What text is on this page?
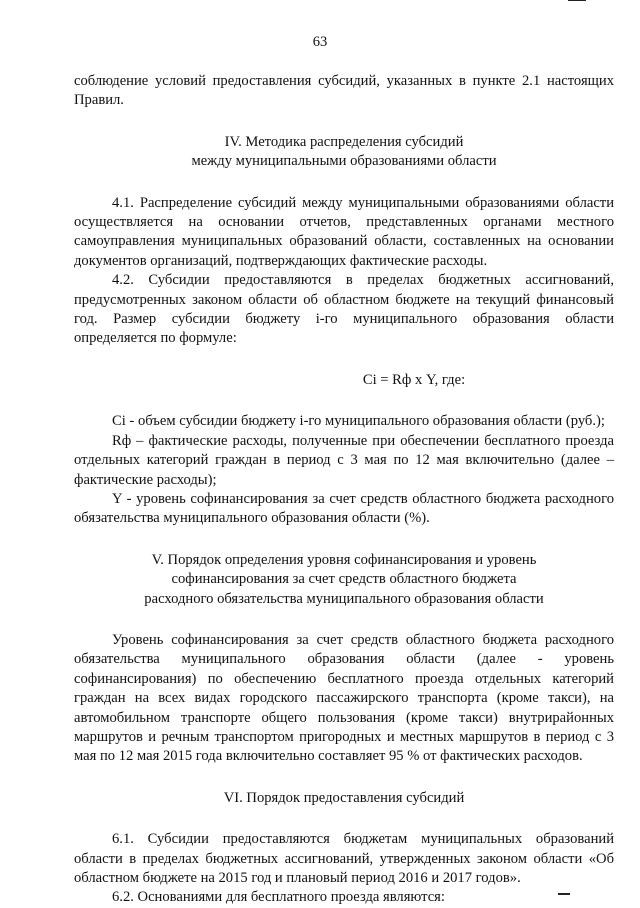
63

соблюдение условий предоставления субсидий, указанных в пункте 2.1 настоящих Правил.

IV. Методика распределения субсидий

между муниципальными образованиями области

4.1. Распределение субсидий между муниципальными образованиями области осуществляется на основании отчетов, представленных органами местного самоуправления муниципальных образований области, составленных на основании документов организаций, подтверждающих фактические расходы.

4.2. Субсидии предоставляются в пределах бюджетных ассигнований, предусмотренных законом области об областном бюджете на текущий финансовый год. Размер субсидии бюджету i-го муниципального образования области определяется по формуле:

Ci = Rф х Y, где:

Ci - объем субсидии бюджету i-го муниципального образования области (руб.);

Rф – фактические расходы, полученные при обеспечении бесплатного проезда отдельных категорий граждан в период с 3 мая по 12 мая включительно (далее – фактические расходы);

Y - уровень софинансирования за счет средств областного бюджета расходного обязательства муниципального образования области (%).

V. Порядок определения уровня софинансирования и уровень

софинансирования за счет средств областного бюджета

расходного обязательства муниципального образования области

Уровень софинансирования за счет средств областного бюджета расходного обязательства муниципального образования области (далее - уровень софинансирования) по обеспечению бесплатного проезда отдельных категорий граждан на всех видах городского пассажирского транспорта (кроме такси), на автомобильном транспорте общего пользования (кроме такси) внутрирайонных маршрутов и речным транспортом пригородных и местных маршрутов в период с 3 мая по 12 мая 2015 года включительно составляет 95 % от фактических расходов.

VI. Порядок предоставления субсидий

6.1. Субсидии предоставляются бюджетам муниципальных образований области в пределах бюджетных ассигнований, утвержденных законом области «Об областном бюджете на 2015 год и плановый период 2016 и 2017 годов».

6.2. Основаниями для бесплатного проезда являются:
